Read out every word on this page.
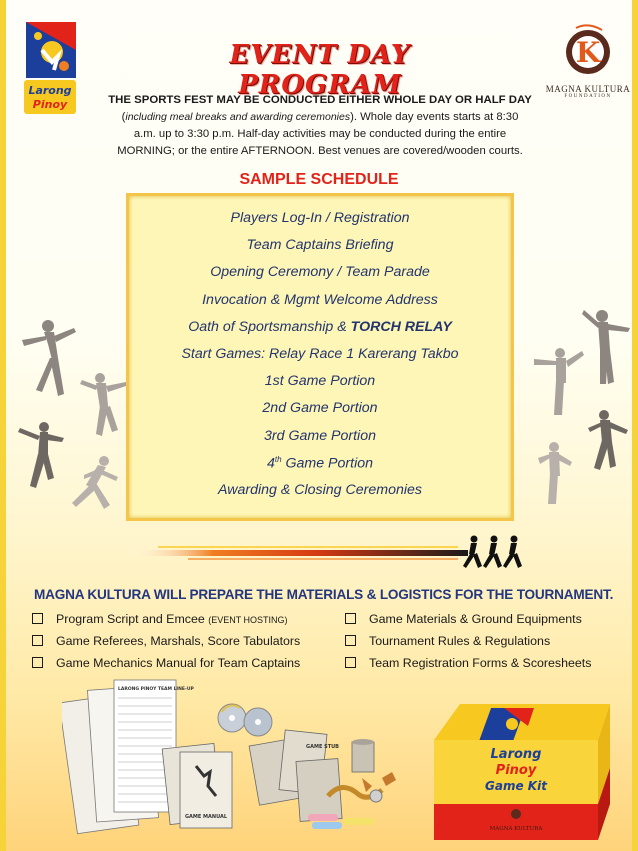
Larong
Pinoy
K
MAGNA KULTURA
FOUNDATION
EVENT DAY PROGRAM
THE SPORTS FEST MAY BE CONDUCTED EITHER WHOLE DAY OR HALF DAY
(including meal breaks and awarding ceremonies). Whole day events starts at 8:30
a.m. up to 3:30 p.m. Half-day activities may be conducted during the entire
MORNING; or the entire AFTERNOON. Best venues are covered/wooden courts.
SAMPLE SCHEDULE
Players Log-In / Registration
Team Captains Briefing
Opening Ceremony / Team Parade
Invocation & Mgmt Welcome Address
Oath of Sportsmanship & TORCH RELAY
Start Games: Relay Race 1 Karerang Takbo
1st Game Portion
2nd Game Portion
3rd Game Portion
4th Game Portion
Awarding & Closing Ceremonies
MAGNA KULTURA WILL PREPARE THE MATERIALS & LOGISTICS FOR THE TOURNAMENT.
Program Script and Emcee (EVENT HOSTING)
Game Referees, Marshals, Score Tabulators
Game Mechanics Manual for Team Captains
Game Materials & Ground Equipments
Tournament Rules & Regulations
Team Registration Forms & Scoresheets
LARONG PINOY TEAM LINE-UP
GAME MANUAL
GAME STUB	Larong
Pinoy
Game Kit
MAGNA KULTURA
